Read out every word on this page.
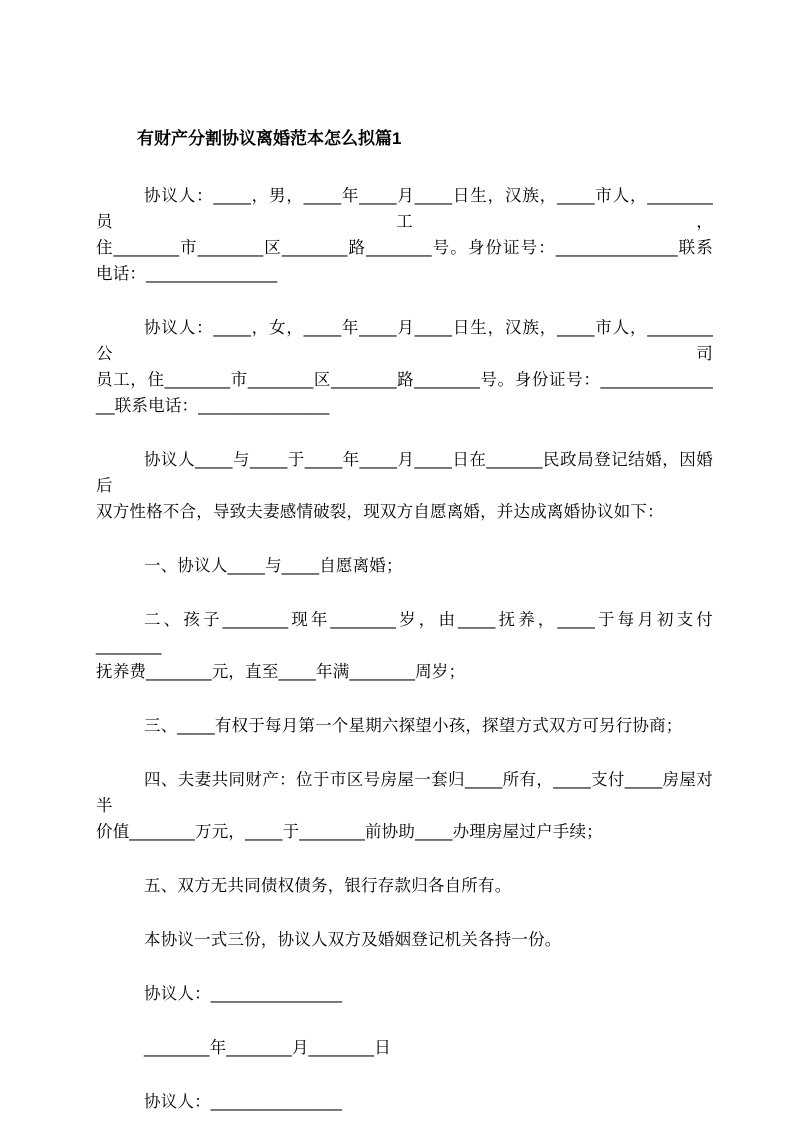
有财产分割协议离婚范本怎么拟篇1

协议人：____，男，____年____月____日生，汉族，____市人，_______员工，

住_______市_______区_______路_______号。身份证号：_____________联系

电话：______________

协议人：____，女，____年____月____日生，汉族，____市人，_______公司

员工，住_______市_______区_______路_______号。身份证号：____________

__联系电话：______________

协议人____与____于____年____月____日在______民政局登记结婚，因婚后

双方性格不合，导致夫妻感情破裂，现双方自愿离婚，并达成离婚协议如下：

一、协议人____与____自愿离婚；

二、孩子_______现年_______岁，由____抚养，____于每月初支付_______

抚养费_______元，直至____年满_______周岁；

三、____有权于每月第一个星期六探望小孩，探望方式双方可另行协商；

四、夫妻共同财产：位于市区号房屋一套归____所有，____支付____房屋对半

价值_______万元，____于_______前协助____办理房屋过户手续；

五、双方无共同债权债务，银行存款归各自所有。

本协议一式三份，协议人双方及婚姻登记机关各持一份。

协议人：______________

_______年_______月_______日

协议人：______________
